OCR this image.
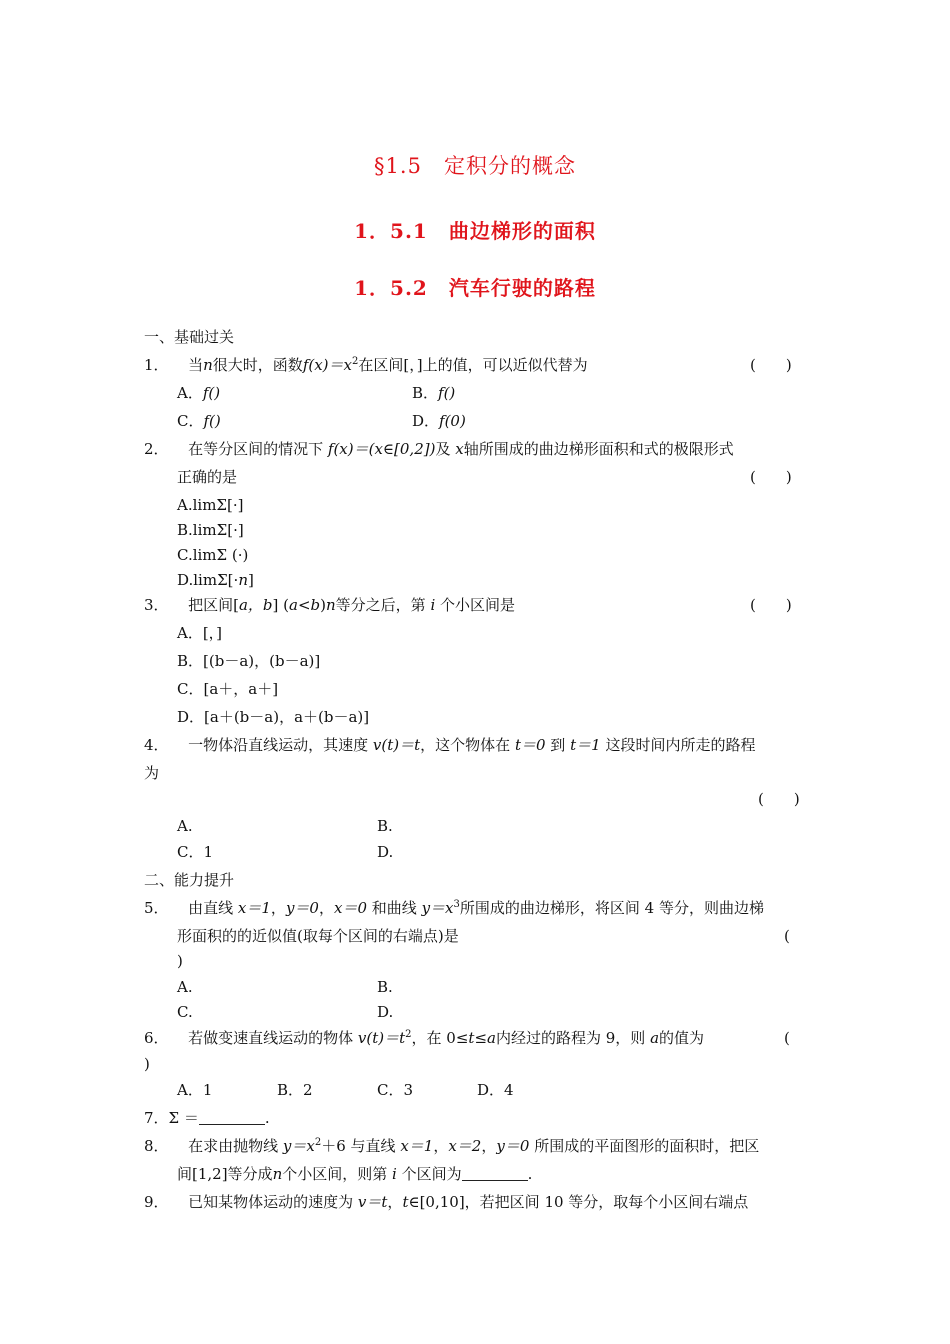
§1.5　定积分的概念
1．5.1　曲边梯形的面积
1．5.2　汽车行驶的路程
一、基础过关
1． 当n很大时，函数$f(x)=x^2$在区间[，]上的值，可以近似代替为	(　　)
A．f()	B．f()
C．f()	D．f(0)
2． 在等分区间的情况下 f(x)＝(x∈[0,2])及 x轴所围成的曲边梯形面积和式的极限形式
正确的是	(　　)
A.limΣ[·]
B.limΣ[·]
C.limΣ (·)
D.limΣ[·n]
3． 把区间[a，b] (a<b)n等分之后，第 i 个小区间是	(　　)
A．[，]
B．[(b－a)，(b－a)]
C．[a＋，a＋]
D．[a＋(b－a)，a＋(b－a)]
4． 一物体沿直线运动，其速度 v(t)＝t，这个物体在 t＝0 到 t＝1 这段时间内所走的路程
为
(　　)
A.	B.
C．1	D.
二、能力提升
5． 由直线 x＝1，y＝0，x＝0 和曲线 $y=x^3$所围成的曲边梯形，将区间 4 等分，则曲边梯
形面积的的近似值(取每个区间的右端点)是	(
)
A.	B.
C.	D.
6． 若做变速直线运动的物体 $v(t)=t^2$，在 0≤t≤a内经过的路程为 9，则 a的值为	(
)
A．1	B．2	C．3	D．4
7．Σ ＝	.
8． 在求由抛物线 $y=x^2+6$ 与直线 x＝1，x＝2，y＝0 所围成的平面图形的面积时，把区
间[1,2]等分成n个小区间，则第 i 个区间为	.
9． 已知某物体运动的速度为 v＝t，t∈[0,10]，若把区间 10 等分，取每个小区间右端点
